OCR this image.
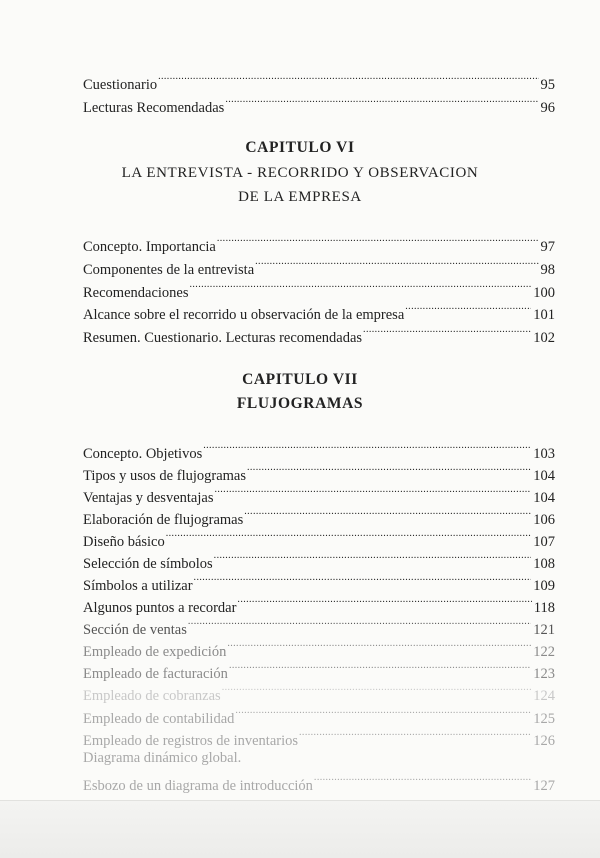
Cuestionario .....	95
Lecturas Recomendadas .....	96
CAPITULO VI
LA ENTREVISTA - RECORRIDO Y OBSERVACION
DE LA EMPRESA
Concepto. Importancia .....	97
Componentes de la entrevista .....	98
Recomendaciones .....	100
Alcance sobre el recorrido u observación de la empresa .....	101
Resumen. Cuestionario. Lecturas recomendadas .....	102
CAPITULO VII
FLUJOGRAMAS
Concepto. Objetivos .....	103
Tipos y usos de flujogramas .....	104
Ventajas y desventajas .....	104
Elaboración de flujogramas .....	106
Diseño básico .....	107
Selección de símbolos .....	108
Símbolos a utilizar .....	109
Algunos puntos a recordar .....	118
Sección de ventas .....	121
Empleado de expedición .....	122
Empleado de facturación .....	123
Empleado de cobranzas .....	124
Empleado de contabilidad .....	125
Empleado de registros de inventarios .....	126
Diagrama dinámico global.
Esbozo de un diagrama de introducción .....	127
